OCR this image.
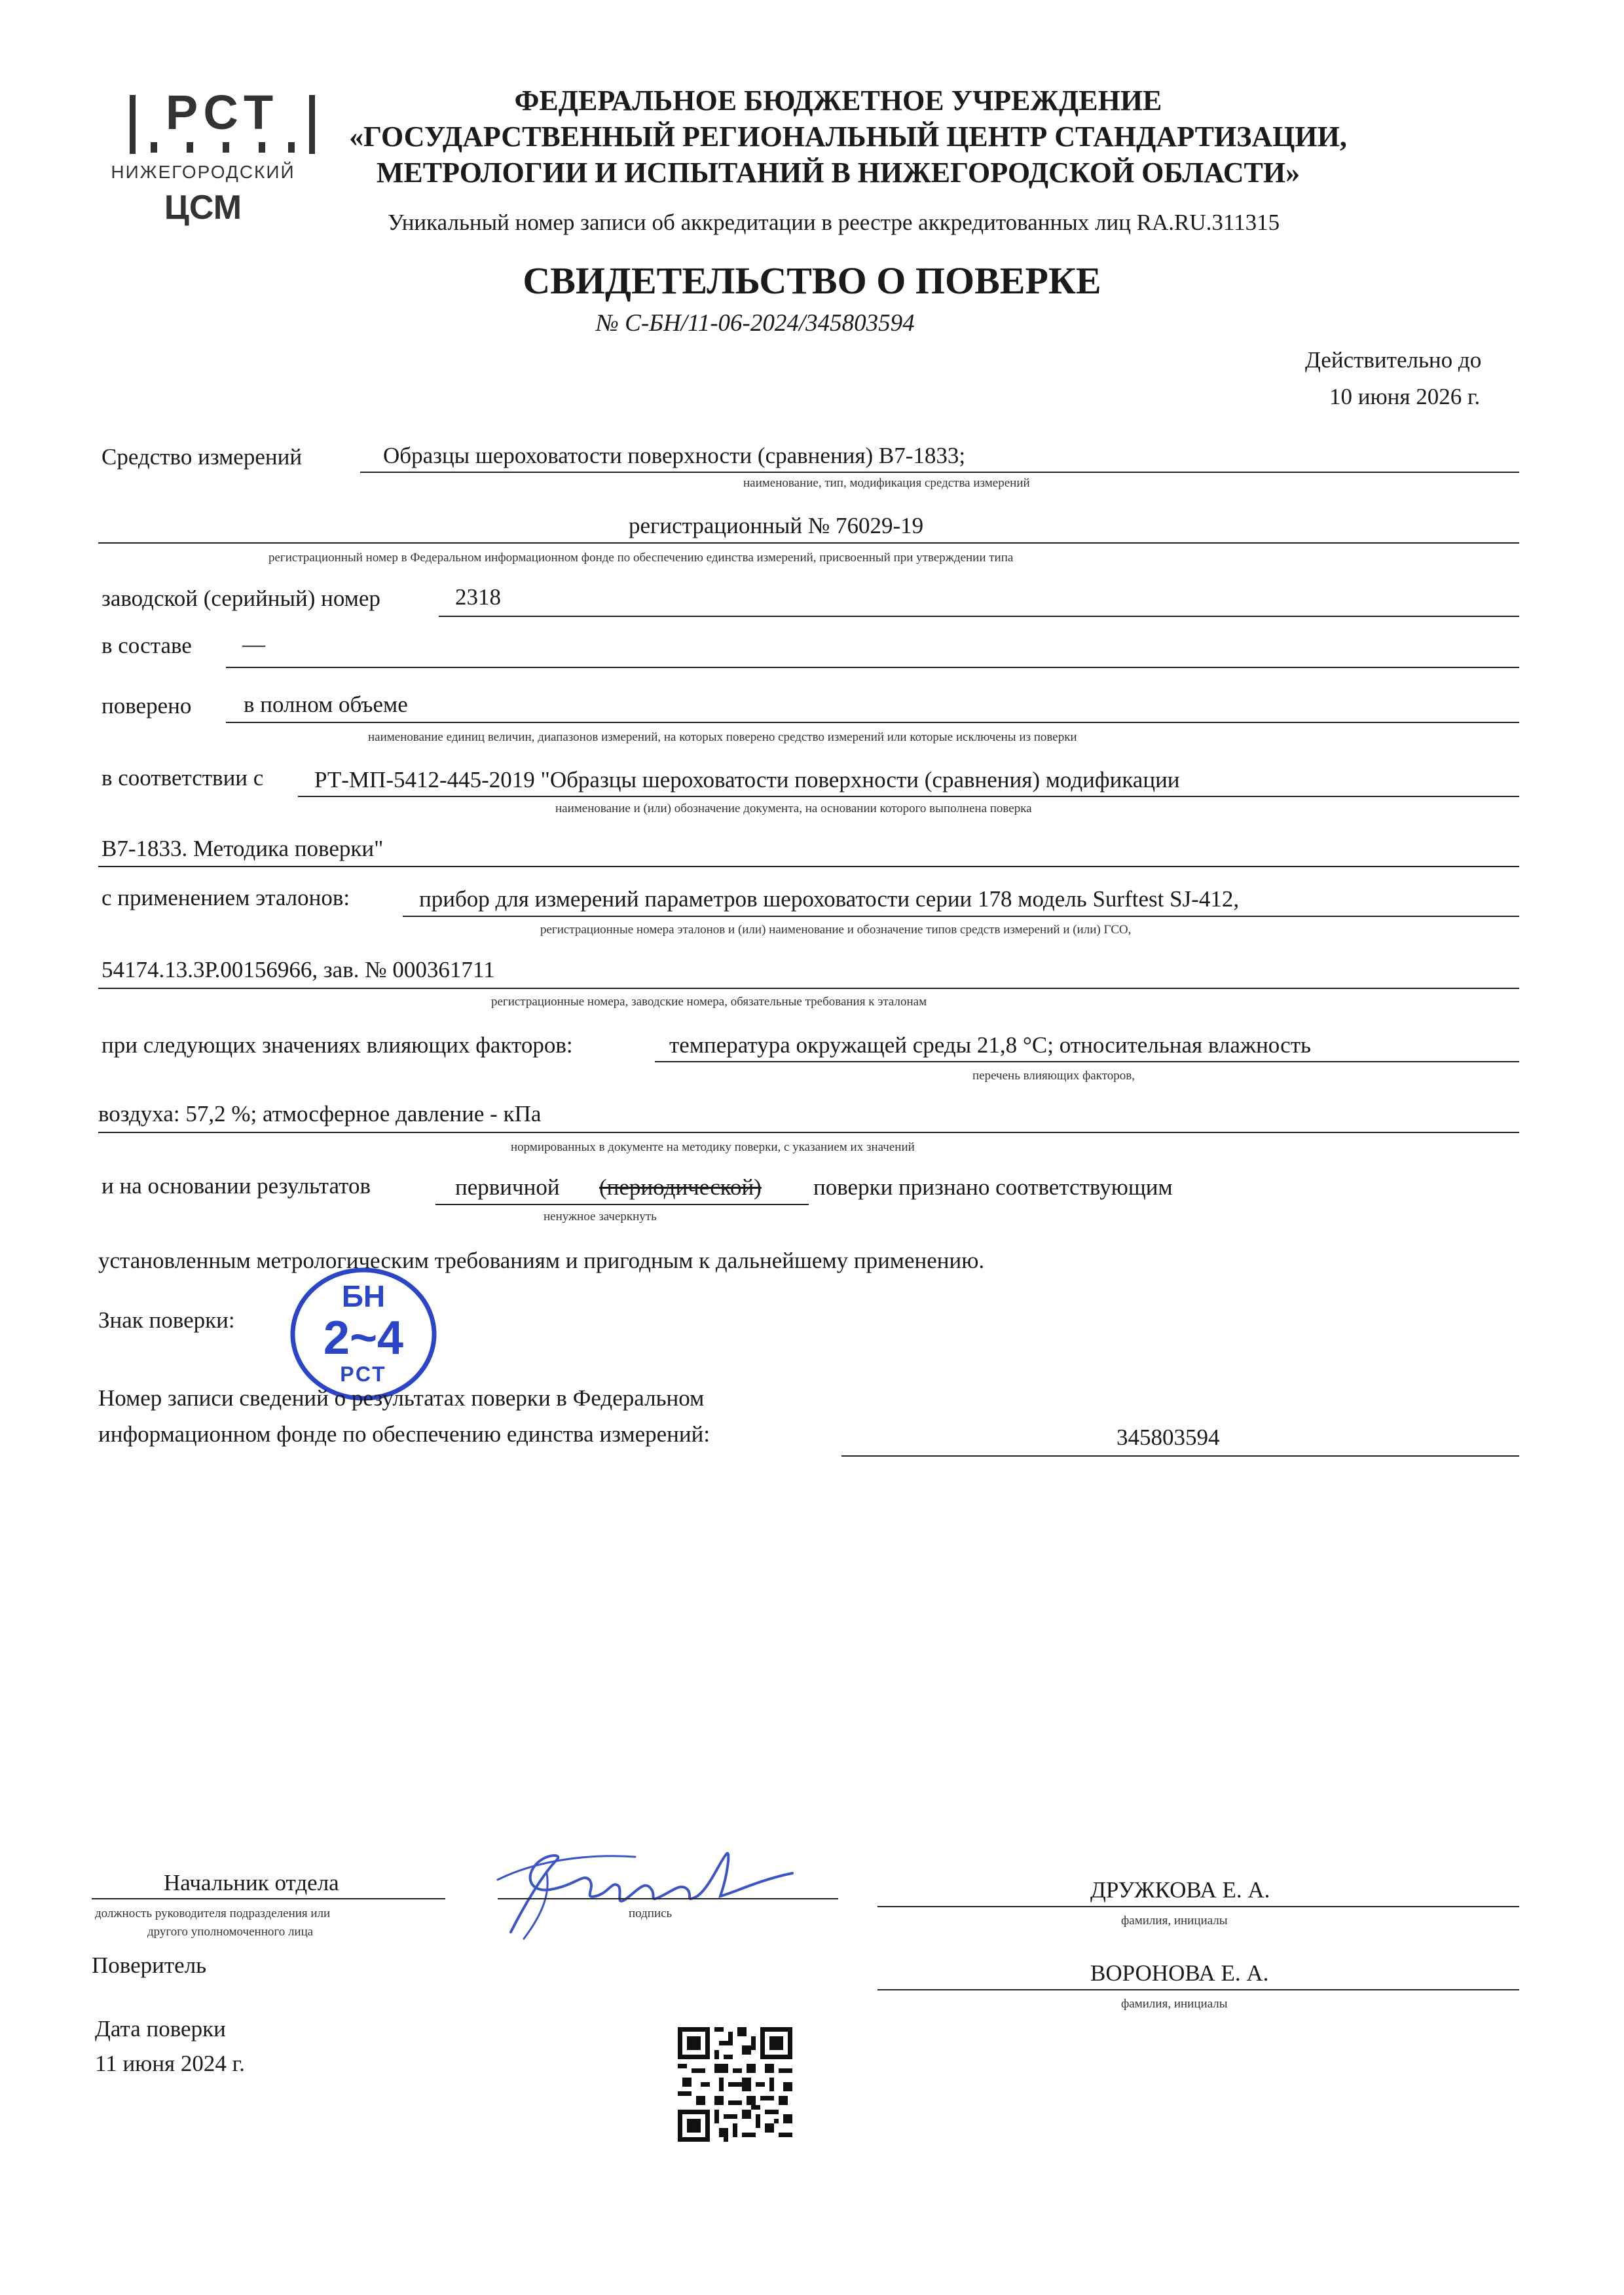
РСТ
НИЖЕГОРОДСКИЙ
ЦСМ
ФЕДЕРАЛЬНОЕ БЮДЖЕТНОЕ УЧРЕЖДЕНИЕ
«ГОСУДАРСТВЕННЫЙ РЕГИОНАЛЬНЫЙ ЦЕНТР СТАНДАРТИЗАЦИИ,
МЕТРОЛОГИИ И ИСПЫТАНИЙ В НИЖЕГОРОДСКОЙ ОБЛАСТИ»
Уникальный номер записи об аккредитации в реестре аккредитованных лиц RA.RU.311315
СВИДЕТЕЛЬСТВО О ПОВЕРКЕ
№ С-БН/11-06-2024/345803594
Действительно до
10 июня 2026 г.
Средство измерений	Образцы шероховатости поверхности (сравнения) В7-1833;
наименование, тип, модификация средства измерений
регистрационный № 76029-19
регистрационный номер в Федеральном информационном фонде по обеспечению единства измерений, присвоенный при утверждении типа
заводской (серийный) номер	2318
в составе —
поверено в полном объеме
наименование единиц величин, диапазонов измерений, на которых поверено средство измерений или которые исключены из поверки
в соответствии с РТ-МП-5412-445-2019 "Образцы шероховатости поверхности (сравнения) модификации
наименование и (или) обозначение документа, на основании которого выполнена поверка
В7-1833. Методика поверки"
с применением эталонов:	прибор для измерений параметров шероховатости серии 178 модель Surftest SJ-412,
регистрационные номера эталонов и (или) наименование и обозначение типов средств измерений и (или) ГСО,
54174.13.3Р.00156966, зав. № 000361711
регистрационные номера, заводские номера, обязательные требования к эталонам
при следующих значениях влияющих факторов:	температура окружащей среды 21,8 °С; относительная влажность
перечень влияющих факторов,
воздуха: 57,2 %; атмосферное давление - кПа
нормированных в документе на методику поверки, с указанием их значений
и на основании результатов	первичной (периодической) поверки признано соответствующим
ненужное зачеркнуть
установленным метрологическим требованиям и пригодным к дальнейшему применению.
Знак поверки:
БН
2~4
РСТ
Номер записи сведений о результатах поверки в Федеральном
информационном фонде по обеспечению единства измерений:	345803594
Начальник отдела
должность руководителя подразделения или
другого уполномоченного лица
подпись
ДРУЖКОВА Е. А.
фамилия, инициалы
Поверитель	ВОРОНОВА Е. А.
фамилия, инициалы
Дата поверки
11 июня 2024 г.
